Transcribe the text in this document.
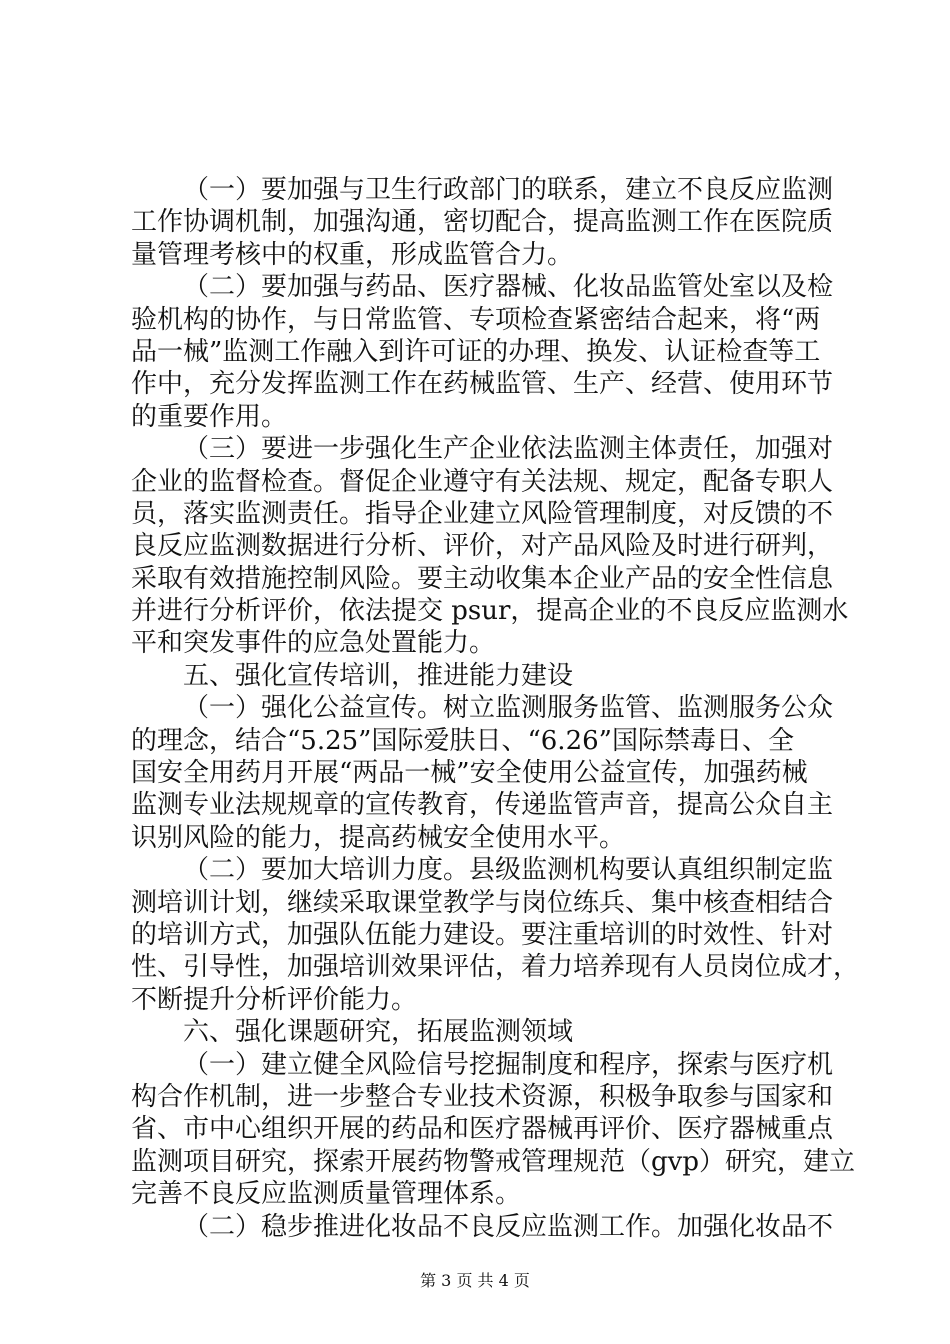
（一）要加强与卫生行政部门的联系，建立不良反应监测
工作协调机制，加强沟通，密切配合，提高监测工作在医院质
量管理考核中的权重，形成监管合力。
（二）要加强与药品、医疗器械、化妆品监管处室以及检
验机构的协作，与日常监管、专项检查紧密结合起来，将“两
品一械”监测工作融入到许可证的办理、换发、认证检查等工
作中，充分发挥监测工作在药械监管、生产、经营、使用环节
的重要作用。
（三）要进一步强化生产企业依法监测主体责任，加强对
企业的监督检查。督促企业遵守有关法规、规定，配备专职人
员，落实监测责任。指导企业建立风险管理制度，对反馈的不
良反应监测数据进行分析、评价，对产品风险及时进行研判，
采取有效措施控制风险。要主动收集本企业产品的安全性信息
并进行分析评价，依法提交 psur，提高企业的不良反应监测水
平和突发事件的应急处置能力。
五、强化宣传培训，推进能力建设
（一）强化公益宣传。树立监测服务监管、监测服务公众
的理念，结合“5.25”国际爱肤日、“6.26”国际禁毒日、全
国安全用药月开展“两品一械”安全使用公益宣传，加强药械
监测专业法规规章的宣传教育，传递监管声音，提高公众自主
识别风险的能力，提高药械安全使用水平。
（二）要加大培训力度。县级监测机构要认真组织制定监
测培训计划，继续采取课堂教学与岗位练兵、集中核查相结合
的培训方式，加强队伍能力建设。要注重培训的时效性、针对
性、引导性，加强培训效果评估，着力培养现有人员岗位成才，
不断提升分析评价能力。
六、强化课题研究，拓展监测领域
（一）建立健全风险信号挖掘制度和程序，探索与医疗机
构合作机制，进一步整合专业技术资源，积极争取参与国家和
省、市中心组织开展的药品和医疗器械再评价、医疗器械重点
监测项目研究，探索开展药物警戒管理规范（gvp）研究，建立
完善不良反应监测质量管理体系。
（二）稳步推进化妆品不良反应监测工作。加强化妆品不
第 3 页 共 4 页
